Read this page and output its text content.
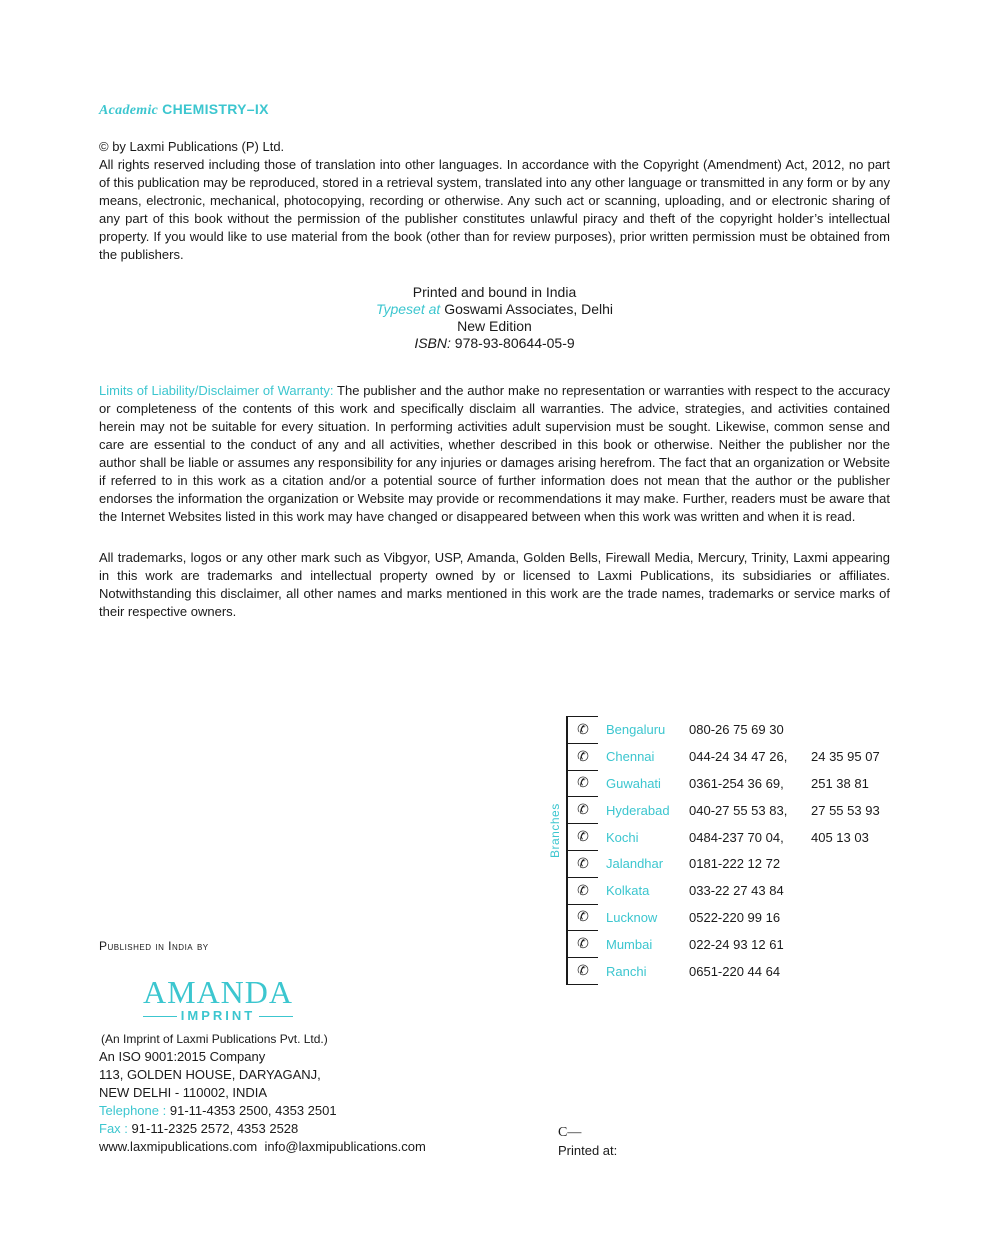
Academic CHEMISTRY–IX

© by Laxmi Publications (P) Ltd.

All rights reserved including those of translation into other languages. In accordance with the Copyright (Amendment) Act, 2012, no part of this publication may be reproduced, stored in a retrieval system, translated into any other language or transmitted in any form or by any means, electronic, mechanical, photocopying, recording or otherwise. Any such act or scanning, uploading, and or electronic sharing of any part of this book without the permission of the publisher constitutes unlawful piracy and theft of the copyright holder’s intellectual property. If you would like to use material from the book (other than for review purposes), prior written permission must be obtained from the publishers.

Printed and bound in India
Typeset at Goswami Associates, Delhi
New Edition
ISBN: 978-93-80644-05-9

Limits of Liability/Disclaimer of Warranty: The publisher and the author make no representation or warranties with respect to the accuracy or completeness of the contents of this work and specifically disclaim all warranties. The advice, strategies, and activities contained herein may not be suitable for every situation. In performing activities adult supervision must be sought. Likewise, common sense and care are essential to the conduct of any and all activities, whether described in this book or otherwise. Neither the publisher nor the author shall be liable or assumes any responsibility for any injuries or damages arising herefrom. The fact that an organization or Website if referred to in this work as a citation and/or a potential source of further information does not mean that the author or the publisher endorses the information the organization or Website may provide or recommendations it may make. Further, readers must be aware that the Internet Websites listed in this work may have changed or disappeared between when this work was written and when it is read.

All trademarks, logos or any other mark such as Vibgyor, USP, Amanda, Golden Bells, Firewall Media, Mercury, Trinity, Laxmi appearing in this work are trademarks and intellectual property owned by or licensed to Laxmi Publications, its subsidiaries or affiliates. Notwithstanding this disclaimer, all other names and marks mentioned in this work are the trade names, trademarks or service marks of their respective owners.

Branches
✆	Bengaluru	080-26 75 69 30	
✆	Chennai	044-24 34 47 26,	24 35 95 07
✆	Guwahati	0361-254 36 69,	251 38 81
✆	Hyderabad	040-27 55 53 83,	27 55 53 93
✆	Kochi	0484-237 70 04,	405 13 03
✆	Jalandhar	0181-222 12 72	
✆	Kolkata	033-22 27 43 84	
✆	Lucknow	0522-220 99 16	
✆	Mumbai	022-24 93 12 61	
✆	Ranchi	0651-220 44 64	
Published in India by
AMANDA
IMPRINT
(An Imprint of Laxmi Publications Pvt. Ltd.)
An ISO 9001:2015 Company
113, GOLDEN HOUSE, DARYAGANJ,
NEW DELHI - 110002, INDIA
Telephone : 91-11-4353 2500, 4353 2501
Fax : 91-11-2325 2572, 4353 2528
www.laxmipublications.com info@laxmipublications.com
C—
Printed at:
